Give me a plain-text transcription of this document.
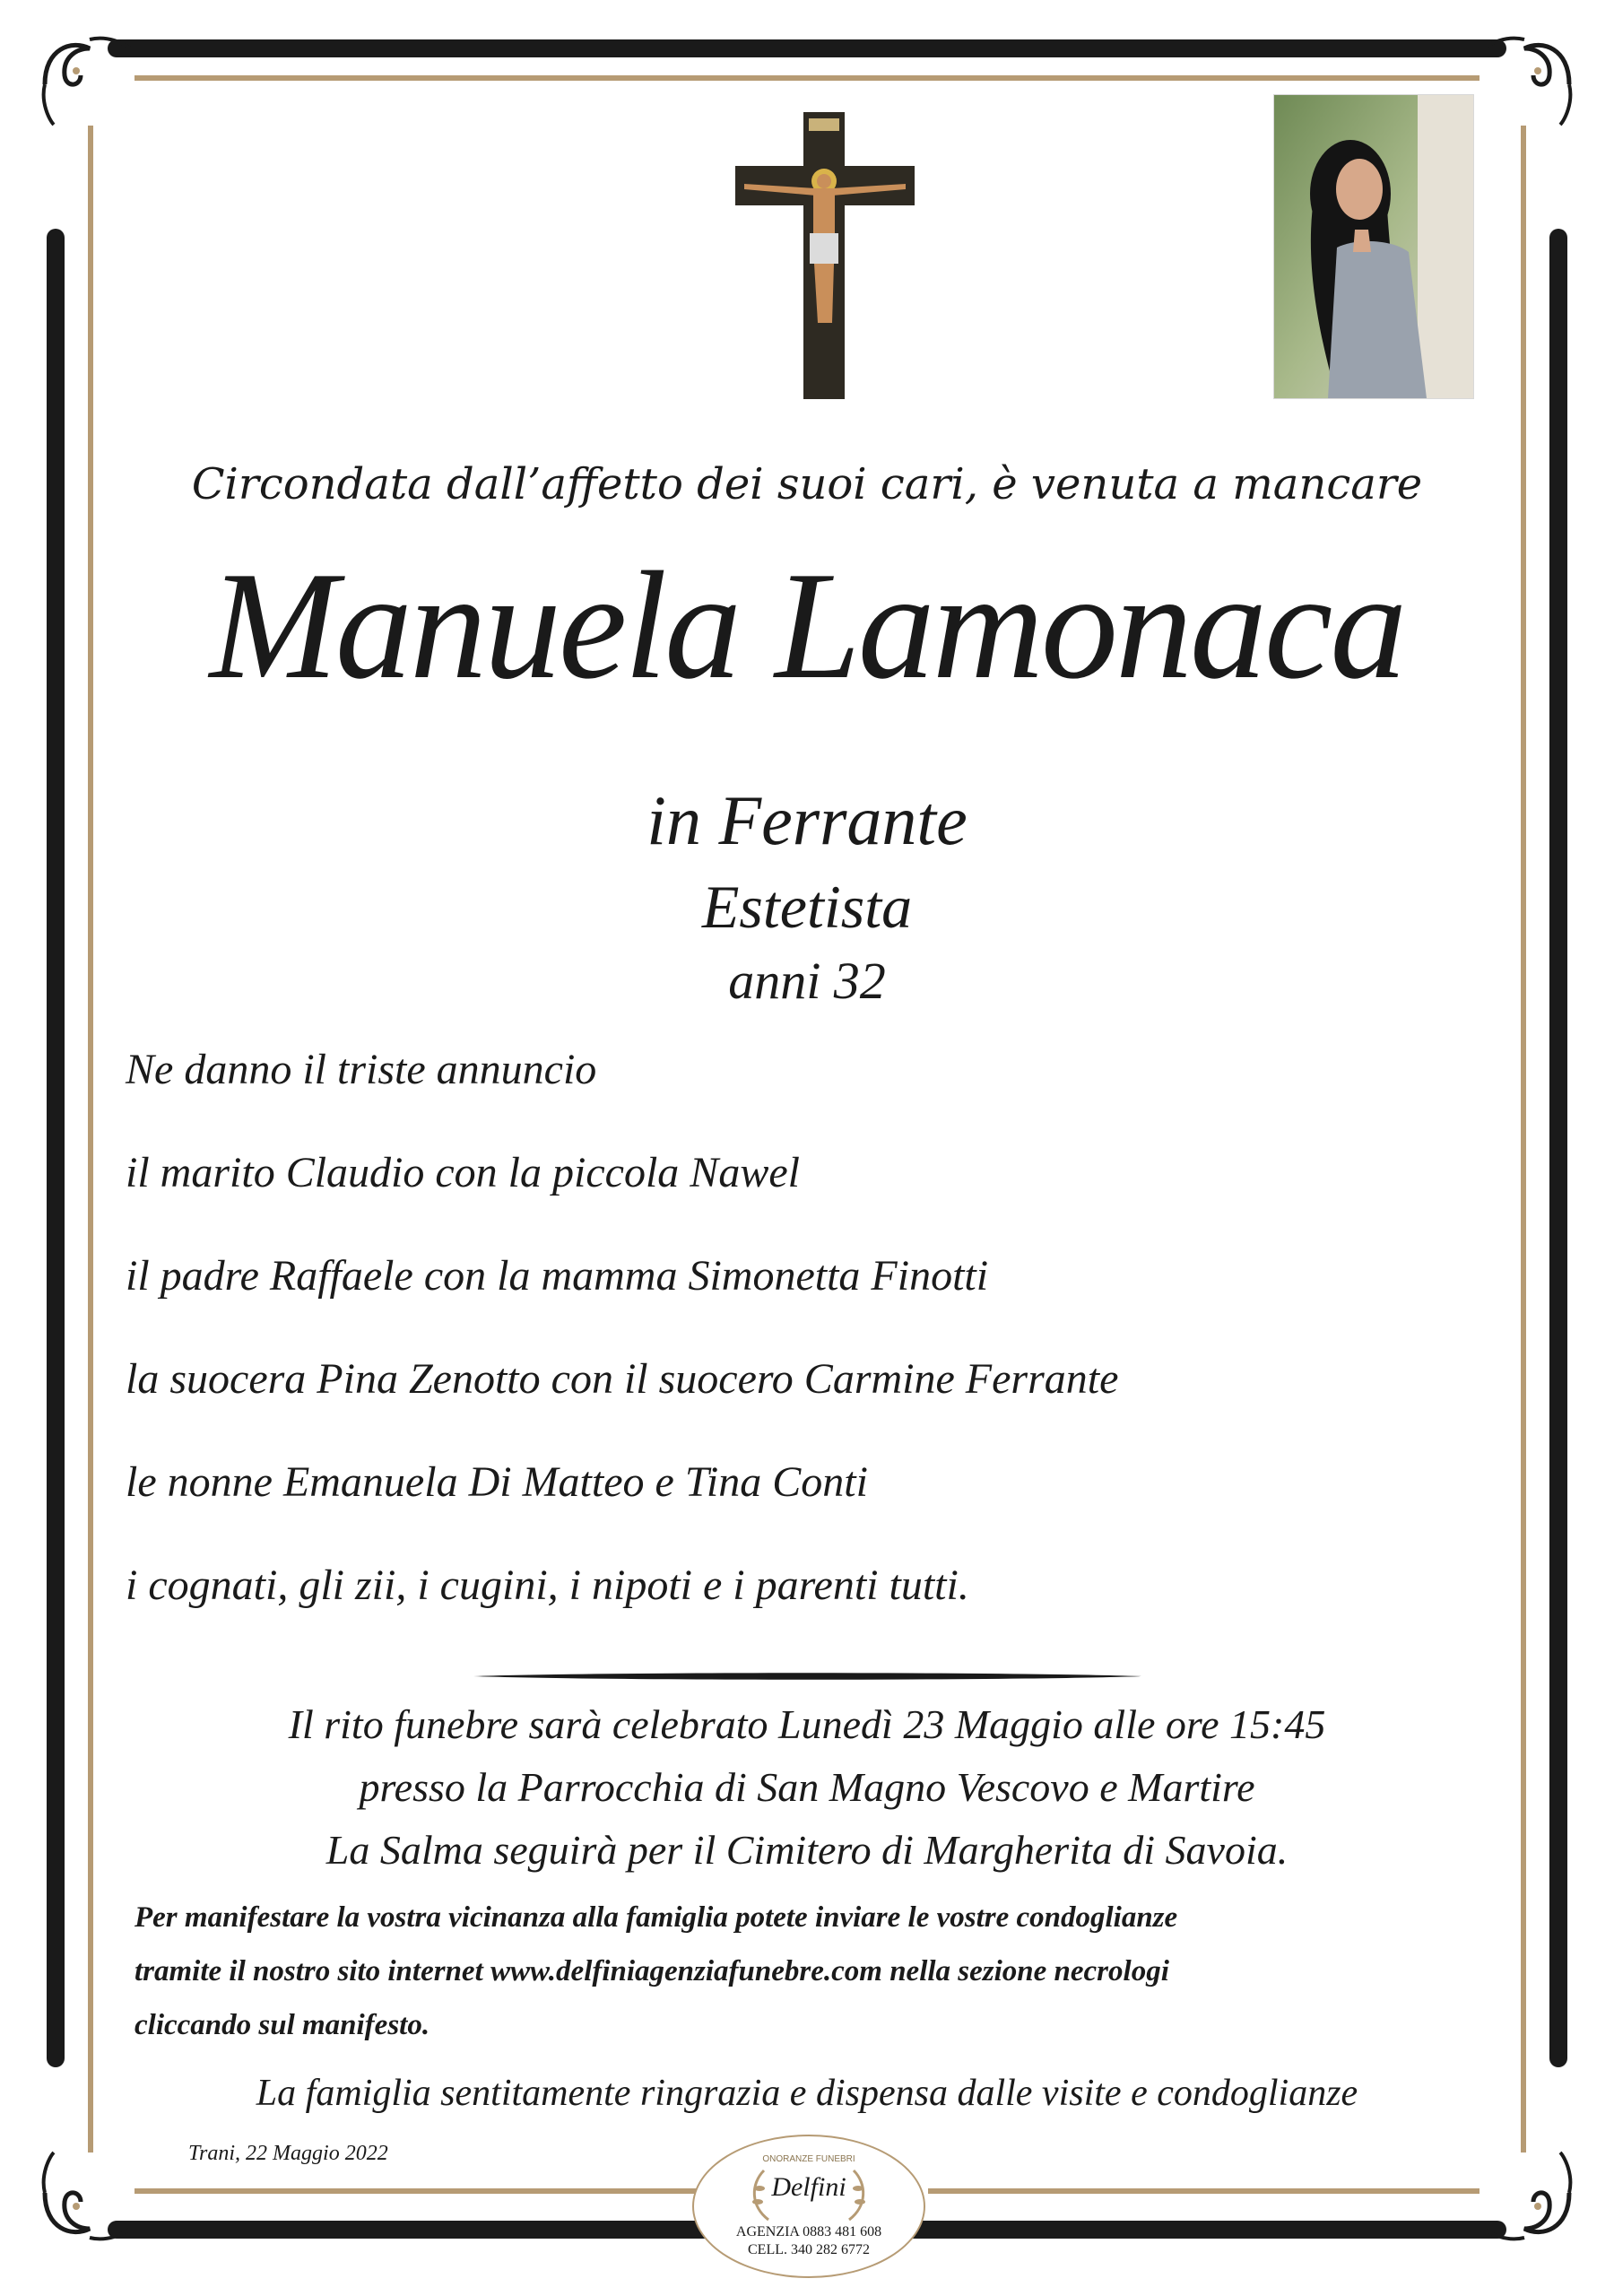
Circondata dall’affetto dei suoi cari, è venuta a mancare
Manuela Lamonaca
in Ferrante
Estetista
anni 32
Ne danno il triste annuncio
il marito Claudio con la piccola Nawel
il padre Raffaele con la mamma Simonetta Finotti
la suocera Pina Zenotto con il suocero Carmine Ferrante
le nonne Emanuela Di Matteo e Tina Conti
i cognati, gli zii, i cugini, i nipoti e i parenti tutti.
Il rito funebre sarà celebrato Lunedì 23 Maggio alle ore 15:45
presso la Parrocchia di San Magno Vescovo e Martire
La Salma seguirà per il Cimitero di Margherita di Savoia.
Per manifestare la vostra vicinanza alla famiglia potete inviare le vostre condoglianze
tramite il nostro sito internet www.delfiniagenziafunebre.com nella sezione necrologi
cliccando sul manifesto.
La famiglia sentitamente ringrazia e dispensa dalle visite e condoglianze
Trani, 22 Maggio 2022	ONORANZE FUNEBRI
Delfini
AGENZIA 0883 481 608
CELL. 340 282 6772
